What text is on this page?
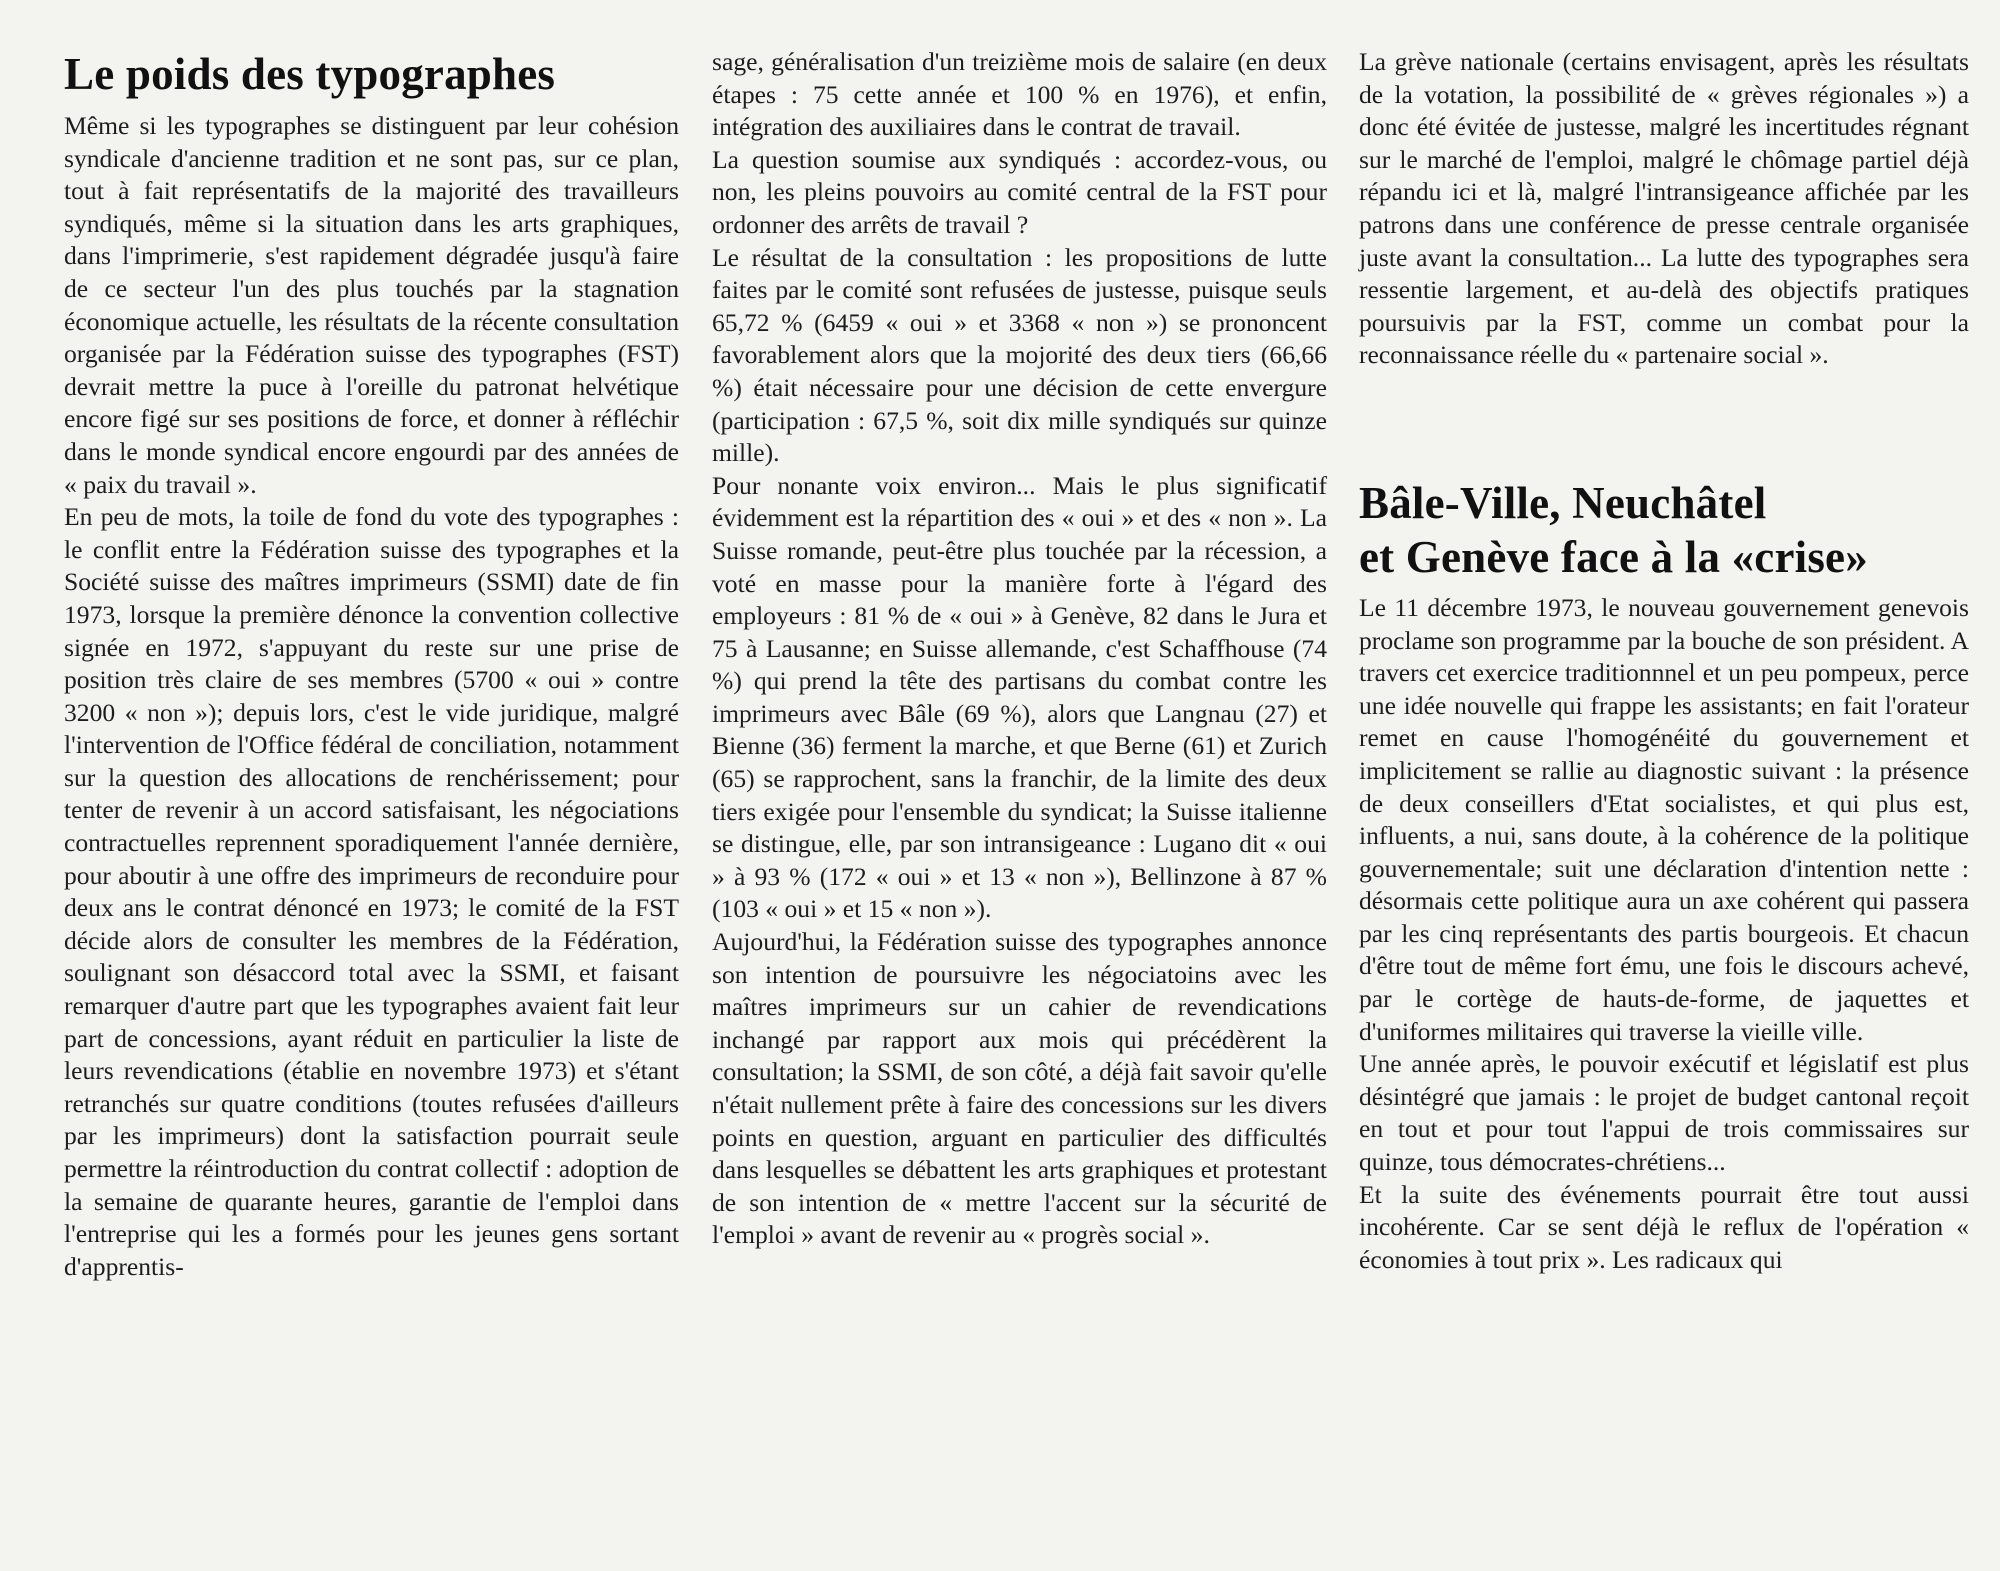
Le poids des typographes

Même si les typographes se distinguent par leur cohésion syndicale d'ancienne tradition et ne sont pas, sur ce plan, tout à fait représentatifs de la majorité des travailleurs syndiqués, même si la situation dans les arts graphiques, dans l'imprimerie, s'est rapidement dégradée jusqu'à faire de ce secteur l'un des plus touchés par la stagnation économique actuelle, les résultats de la récente consultation organisée par la Fédération suisse des typographes (FST) devrait mettre la puce à l'oreille du patronat helvétique encore figé sur ses positions de force, et donner à réfléchir dans le monde syndical encore engourdi par des années de « paix du travail ».

En peu de mots, la toile de fond du vote des typographes : le conflit entre la Fédération suisse des typographes et la Société suisse des maîtres imprimeurs (SSMI) date de fin 1973, lorsque la première dénonce la convention collective signée en 1972, s'appuyant du reste sur une prise de position très claire de ses membres (5700 « oui » contre 3200 « non »); depuis lors, c'est le vide juridique, malgré l'intervention de l'Office fédéral de conciliation, notamment sur la question des allocations de renchérissement; pour tenter de revenir à un accord satisfaisant, les négociations contractuelles reprennent sporadiquement l'année dernière, pour aboutir à une offre des imprimeurs de reconduire pour deux ans le contrat dénoncé en 1973; le comité de la FST décide alors de consulter les membres de la Fédération, soulignant son désaccord total avec la SSMI, et faisant remarquer d'autre part que les typographes avaient fait leur part de concessions, ayant réduit en particulier la liste de leurs revendications (établie en novembre 1973) et s'étant retranchés sur quatre conditions (toutes refusées d'ailleurs par les imprimeurs) dont la satisfaction pourrait seule permettre la réintroduction du contrat collectif : adoption de la semaine de quarante heures, garantie de l'emploi dans l'entreprise qui les a formés pour les jeunes gens sortant d'apprentis-

sage, généralisation d'un treizième mois de salaire (en deux étapes : 75 cette année et 100 % en 1976), et enfin, intégration des auxiliaires dans le contrat de travail.

La question soumise aux syndiqués : accordez-vous, ou non, les pleins pouvoirs au comité central de la FST pour ordonner des arrêts de travail ?

Le résultat de la consultation : les propositions de lutte faites par le comité sont refusées de justesse, puisque seuls 65,72 % (6459 « oui » et 3368 « non ») se prononcent favorablement alors que la mojorité des deux tiers (66,66 %) était nécessaire pour une décision de cette envergure (participation : 67,5 %, soit dix mille syndiqués sur quinze mille).

Pour nonante voix environ... Mais le plus significatif évidemment est la répartition des « oui » et des « non ». La Suisse romande, peut-être plus touchée par la récession, a voté en masse pour la manière forte à l'égard des employeurs : 81 % de « oui » à Genève, 82 dans le Jura et 75 à Lausanne; en Suisse allemande, c'est Schaffhouse (74 %) qui prend la tête des partisans du combat contre les imprimeurs avec Bâle (69 %), alors que Langnau (27) et Bienne (36) ferment la marche, et que Berne (61) et Zurich (65) se rapprochent, sans la franchir, de la limite des deux tiers exigée pour l'ensemble du syndicat; la Suisse italienne se distingue, elle, par son intransigeance : Lugano dit « oui » à 93 % (172 « oui » et 13 « non »), Bellinzone à 87 % (103 « oui » et 15 « non »).

Aujourd'hui, la Fédération suisse des typographes annonce son intention de poursuivre les négociatoins avec les maîtres imprimeurs sur un cahier de revendications inchangé par rapport aux mois qui précédèrent la consultation; la SSMI, de son côté, a déjà fait savoir qu'elle n'était nullement prête à faire des concessions sur les divers points en question, arguant en particulier des difficultés dans lesquelles se débattent les arts graphiques et protestant de son intention de « mettre l'accent sur la sécurité de l'emploi » avant de revenir au « progrès social ».

La grève nationale (certains envisagent, après les résultats de la votation, la possibilité de « grèves régionales ») a donc été évitée de justesse, malgré les incertitudes régnant sur le marché de l'emploi, malgré le chômage partiel déjà répandu ici et là, malgré l'intransigeance affichée par les patrons dans une conférence de presse centrale organisée juste avant la consultation... La lutte des typographes sera ressentie largement, et au-delà des objectifs pratiques poursuivis par la FST, comme un combat pour la reconnaissance réelle du « partenaire social ».

Bâle-Ville, Neuchâtel
et Genève face à la «crise»

Le 11 décembre 1973, le nouveau gouvernement genevois proclame son programme par la bouche de son président. A travers cet exercice traditionnnel et un peu pompeux, perce une idée nouvelle qui frappe les assistants; en fait l'orateur remet en cause l'homogénéité du gouvernement et implicitement se rallie au diagnostic suivant : la présence de deux conseillers d'Etat socialistes, et qui plus est, influents, a nui, sans doute, à la cohérence de la politique gouvernementale; suit une déclaration d'intention nette : désormais cette politique aura un axe cohérent qui passera par les cinq représentants des partis bourgeois. Et chacun d'être tout de même fort ému, une fois le discours achevé, par le cortège de hauts-de-forme, de jaquettes et d'uniformes militaires qui traverse la vieille ville.

Une année après, le pouvoir exécutif et législatif est plus désintégré que jamais : le projet de budget cantonal reçoit en tout et pour tout l'appui de trois commissaires sur quinze, tous démocrates-chrétiens...

Et la suite des événements pourrait être tout aussi incohérente. Car se sent déjà le reflux de l'opération « économies à tout prix ». Les radicaux qui
